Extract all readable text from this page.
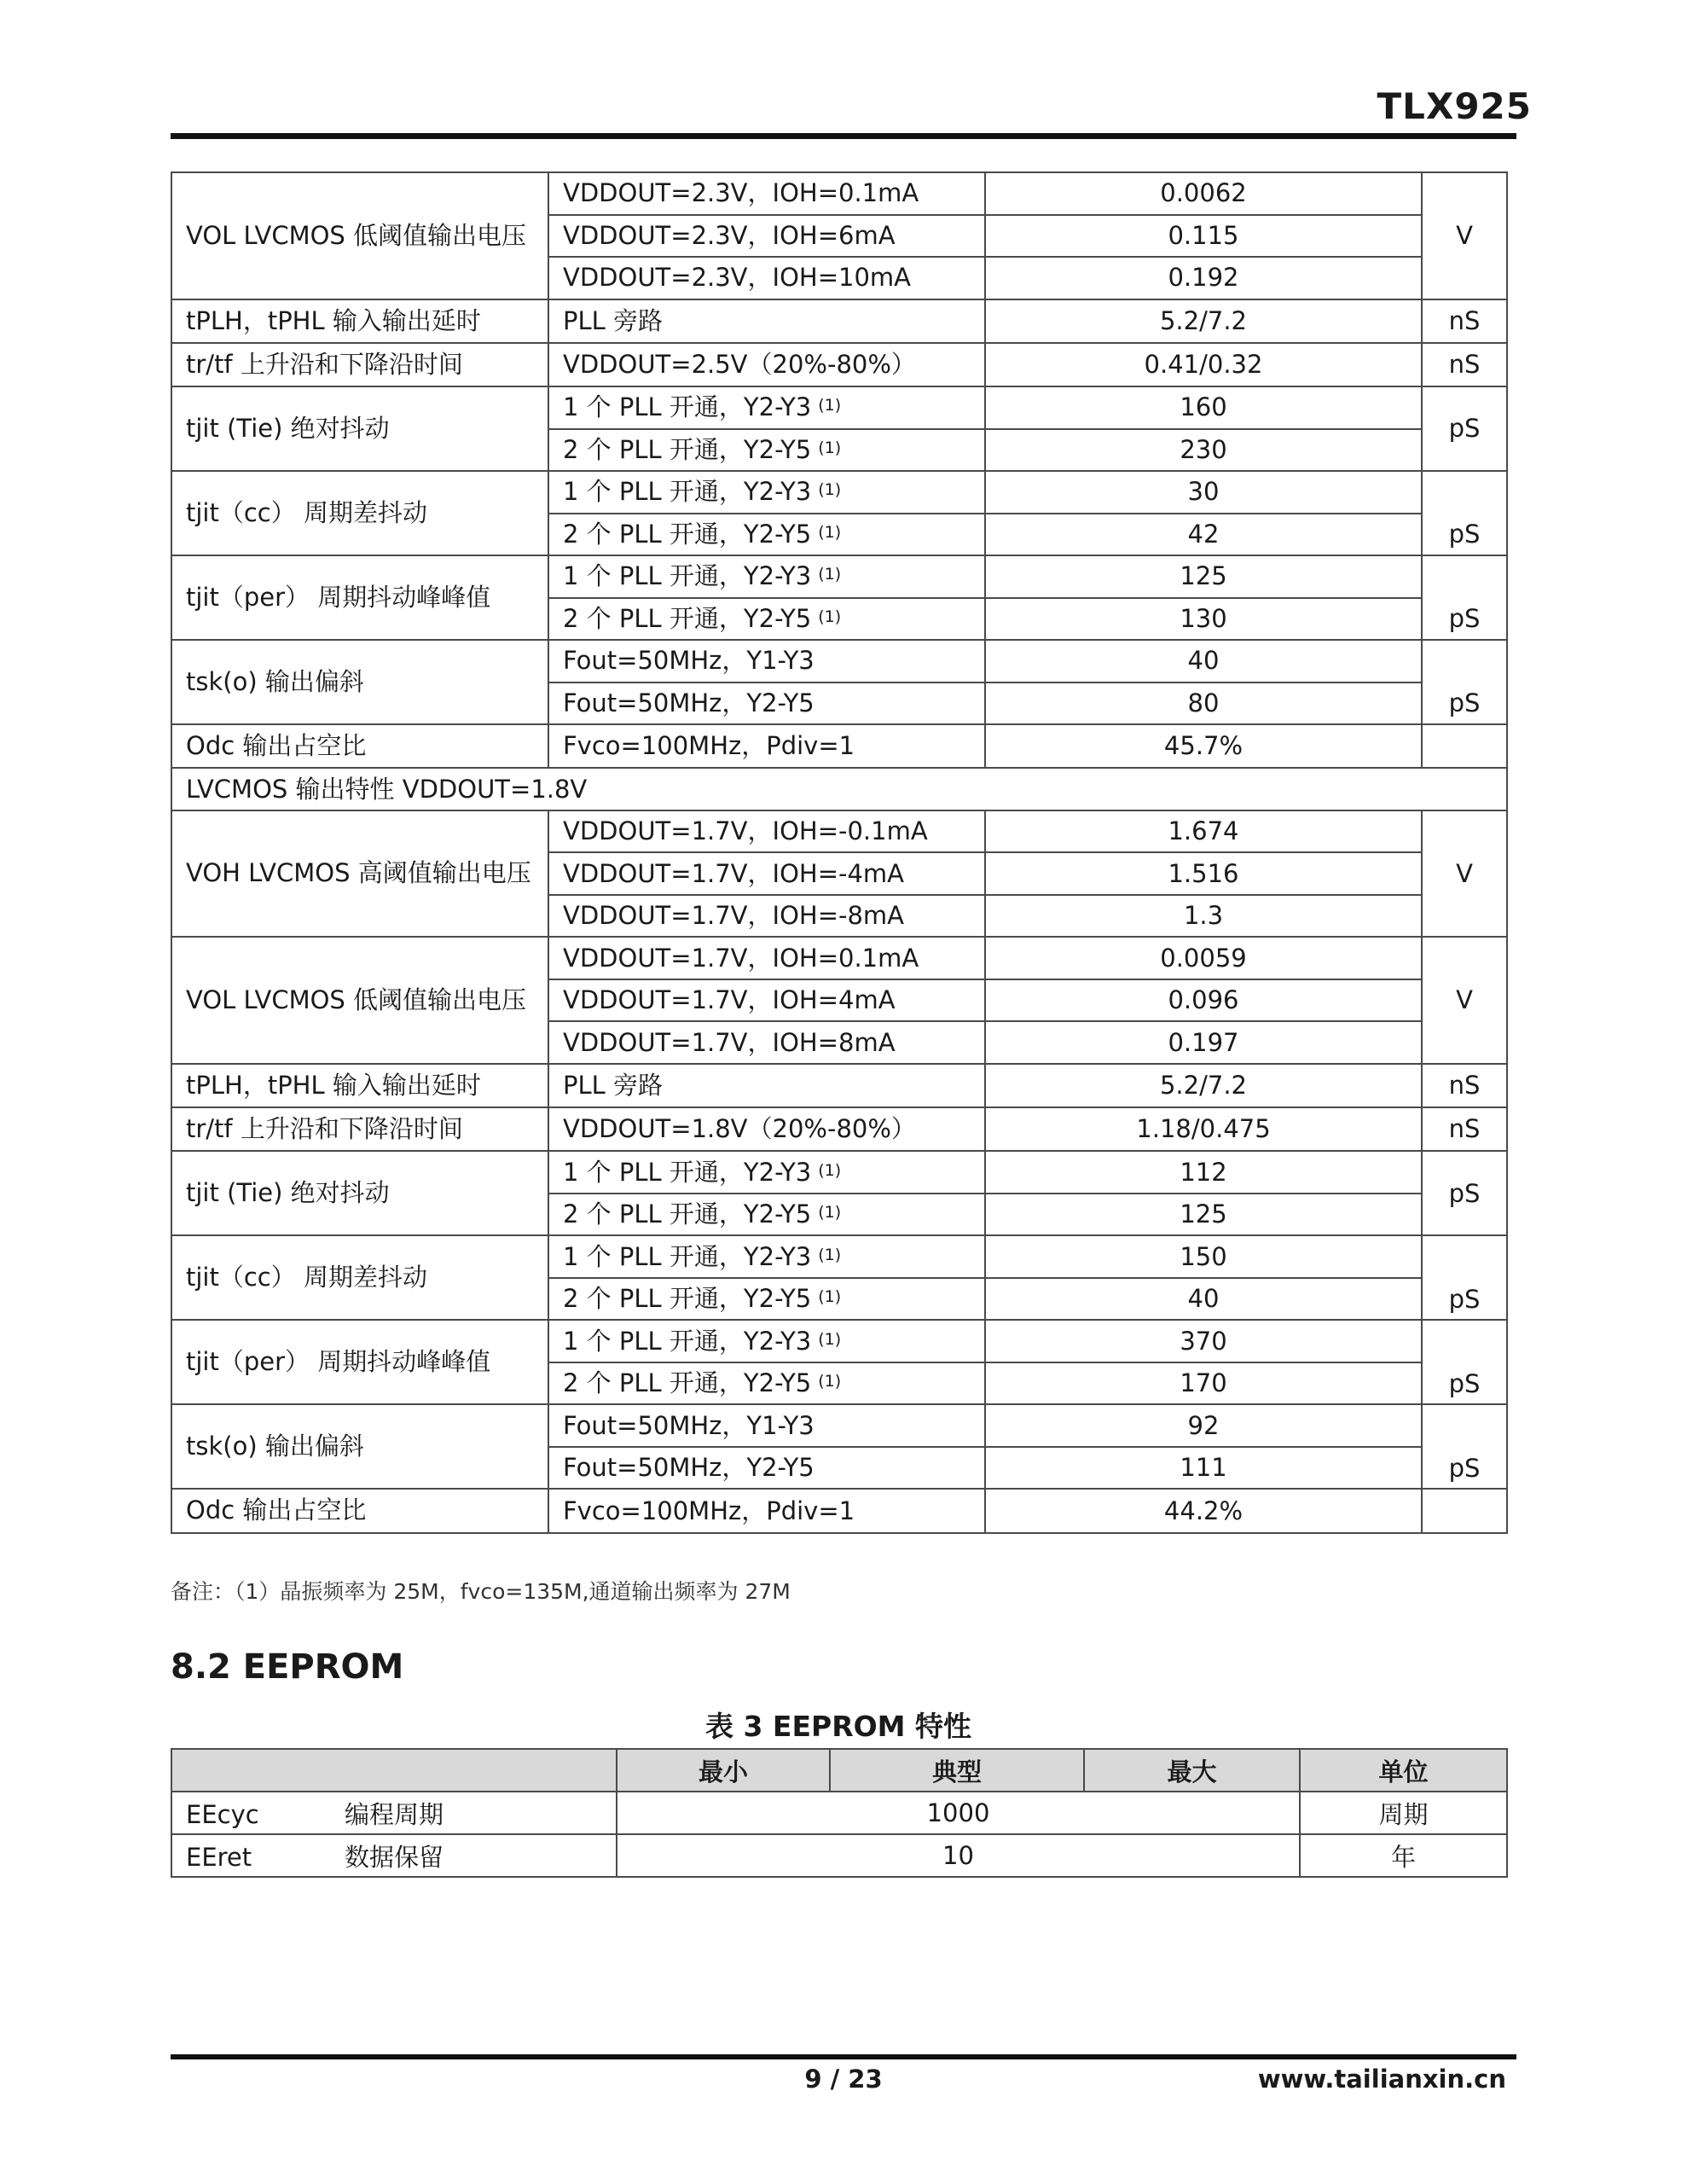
TLX925
VOL LVCMOS 低阈值输出电压	VDDOUT=2.3V，IOH=0.1mA	0.0062	V
	VDDOUT=2.3V，IOH=6mA	0.115	
	VDDOUT=2.3V，IOH=10mA	0.192	
tPLH，tPHL 输入输出延时	PLL 旁路	5.2/7.2	nS
tr/tf 上升沿和下降沿时间	VDDOUT=2.5V（20%-80%）	0.41/0.32	nS
tjit (Tie) 绝对抖动	1 个 PLL 开通，Y2-Y3 $^{(1)}$	160	pS
	2 个 PLL 开通，Y2-Y5 $^{(1)}$	230	
tjit（cc） 周期差抖动	1 个 PLL 开通，Y2-Y3 $^{(1)}$	30	pS
	2 个 PLL 开通，Y2-Y5 $^{(1)}$	42	
tjit（per） 周期抖动峰峰值	1 个 PLL 开通，Y2-Y3 $^{(1)}$	125	pS
	2 个 PLL 开通，Y2-Y5 $^{(1)}$	130	
tsk(o) 输出偏斜	Fout=50MHz，Y1-Y3	40	pS
	Fout=50MHz，Y2-Y5	80	
Odc 输出占空比	Fvco=100MHz，Pdiv=1	45.7%	
LVCMOS 输出特性 VDDOUT=1.8V			
VOH LVCMOS 高阈值输出电压	VDDOUT=1.7V，IOH=-0.1mA	1.674	V
	VDDOUT=1.7V，IOH=-4mA	1.516	
	VDDOUT=1.7V，IOH=-8mA	1.3	
VOL LVCMOS 低阈值输出电压	VDDOUT=1.7V，IOH=0.1mA	0.0059	V
	VDDOUT=1.7V，IOH=4mA	0.096	
	VDDOUT=1.7V，IOH=8mA	0.197	
tPLH，tPHL 输入输出延时	PLL 旁路	5.2/7.2	nS
tr/tf 上升沿和下降沿时间	VDDOUT=1.8V（20%-80%）	1.18/0.475	nS
tjit (Tie) 绝对抖动	1 个 PLL 开通，Y2-Y3 $^{(1)}$	112	pS
	2 个 PLL 开通，Y2-Y5 $^{(1)}$	125	
tjit（cc） 周期差抖动	1 个 PLL 开通，Y2-Y3 $^{(1)}$	150	pS
	2 个 PLL 开通，Y2-Y5 $^{(1)}$	40	
tjit（per） 周期抖动峰峰值	1 个 PLL 开通，Y2-Y3 $^{(1)}$	370	pS
	2 个 PLL 开通，Y2-Y5 $^{(1)}$	170	
tsk(o) 输出偏斜	Fout=50MHz，Y1-Y3	92	pS
	Fout=50MHz，Y2-Y5	111	
Odc 输出占空比	Fvco=100MHz，Pdiv=1	44.2%	
备注：（1）晶振频率为 25M，fvco=135M,通道输出频率为 27M
8.2 EEPROM
表 3 EEPROM 特性
	最小	典型	最大	单位
EEcyc 编程周期	1000			周期
EEret 数据保留	10			年
9 / 23	www.tailianxin.cn
